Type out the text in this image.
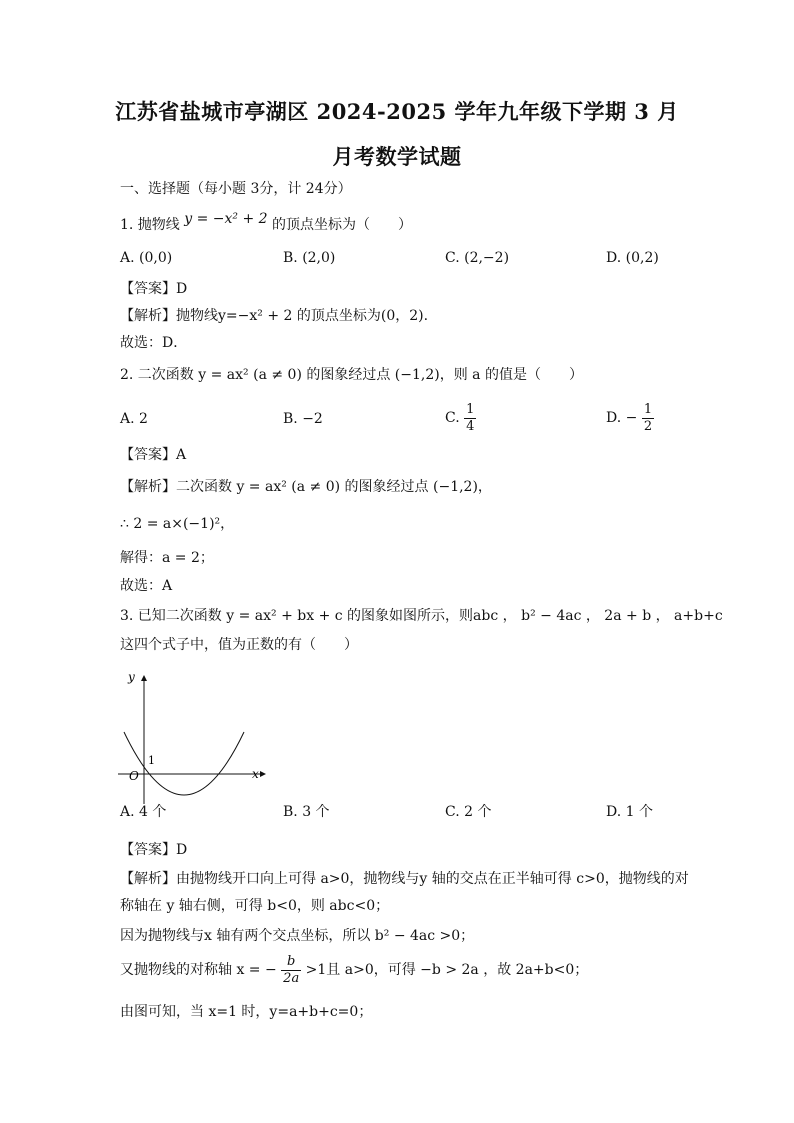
江苏省盐城市亭湖区 2024-2025 学年九年级下学期 3 月
月考数学试题
一、选择题（每小题 3分，计 24分）
1. 抛物线 y = −x² + 2 的顶点坐标为（　　）
A. (0,0)	B. (2,0)	C. (2,−2)	D. (0,2)
【答案】D
【解析】抛物线y=−x² + 2 的顶点坐标为(0，2).
故选：D．
2. 二次函数 y = ax² (a ≠ 0) 的图象经过点 (−1,2)，则 a 的值是（　　）
A. 2	B. −2	C. $\frac{1}{4}$	D. − $\frac{1}{2}$
【答案】A
【解析】二次函数 y = ax² (a ≠ 0) 的图象经过点 (−1,2)，
∴ 2 = a×(−1)²，
解得：a = 2；
故选：A
3. 已知二次函数 y = ax² + bx + c 的图象如图所示，则abc ， b² − 4ac ， 2a + b ， a+b+c
这四个式子中，值为正数的有（　　）
y
x
O
1
A. 4 个	B. 3 个	C. 2 个	D. 1 个
【答案】D
【解析】由抛物线开口向上可得 a>0，抛物线与y 轴的交点在正半轴可得 c>0，抛物线的对
称轴在 y 轴右侧，可得 b<0，则 abc<0；
因为抛物线与x 轴有两个交点坐标，所以 b² − 4ac >0；
又抛物线的对称轴 x = − $\frac{b}{2a} >1$且 a>0，可得 −b > 2a ，故 2a+b<0；
由图可知，当 x=1 时，y=a+b+c=0；
